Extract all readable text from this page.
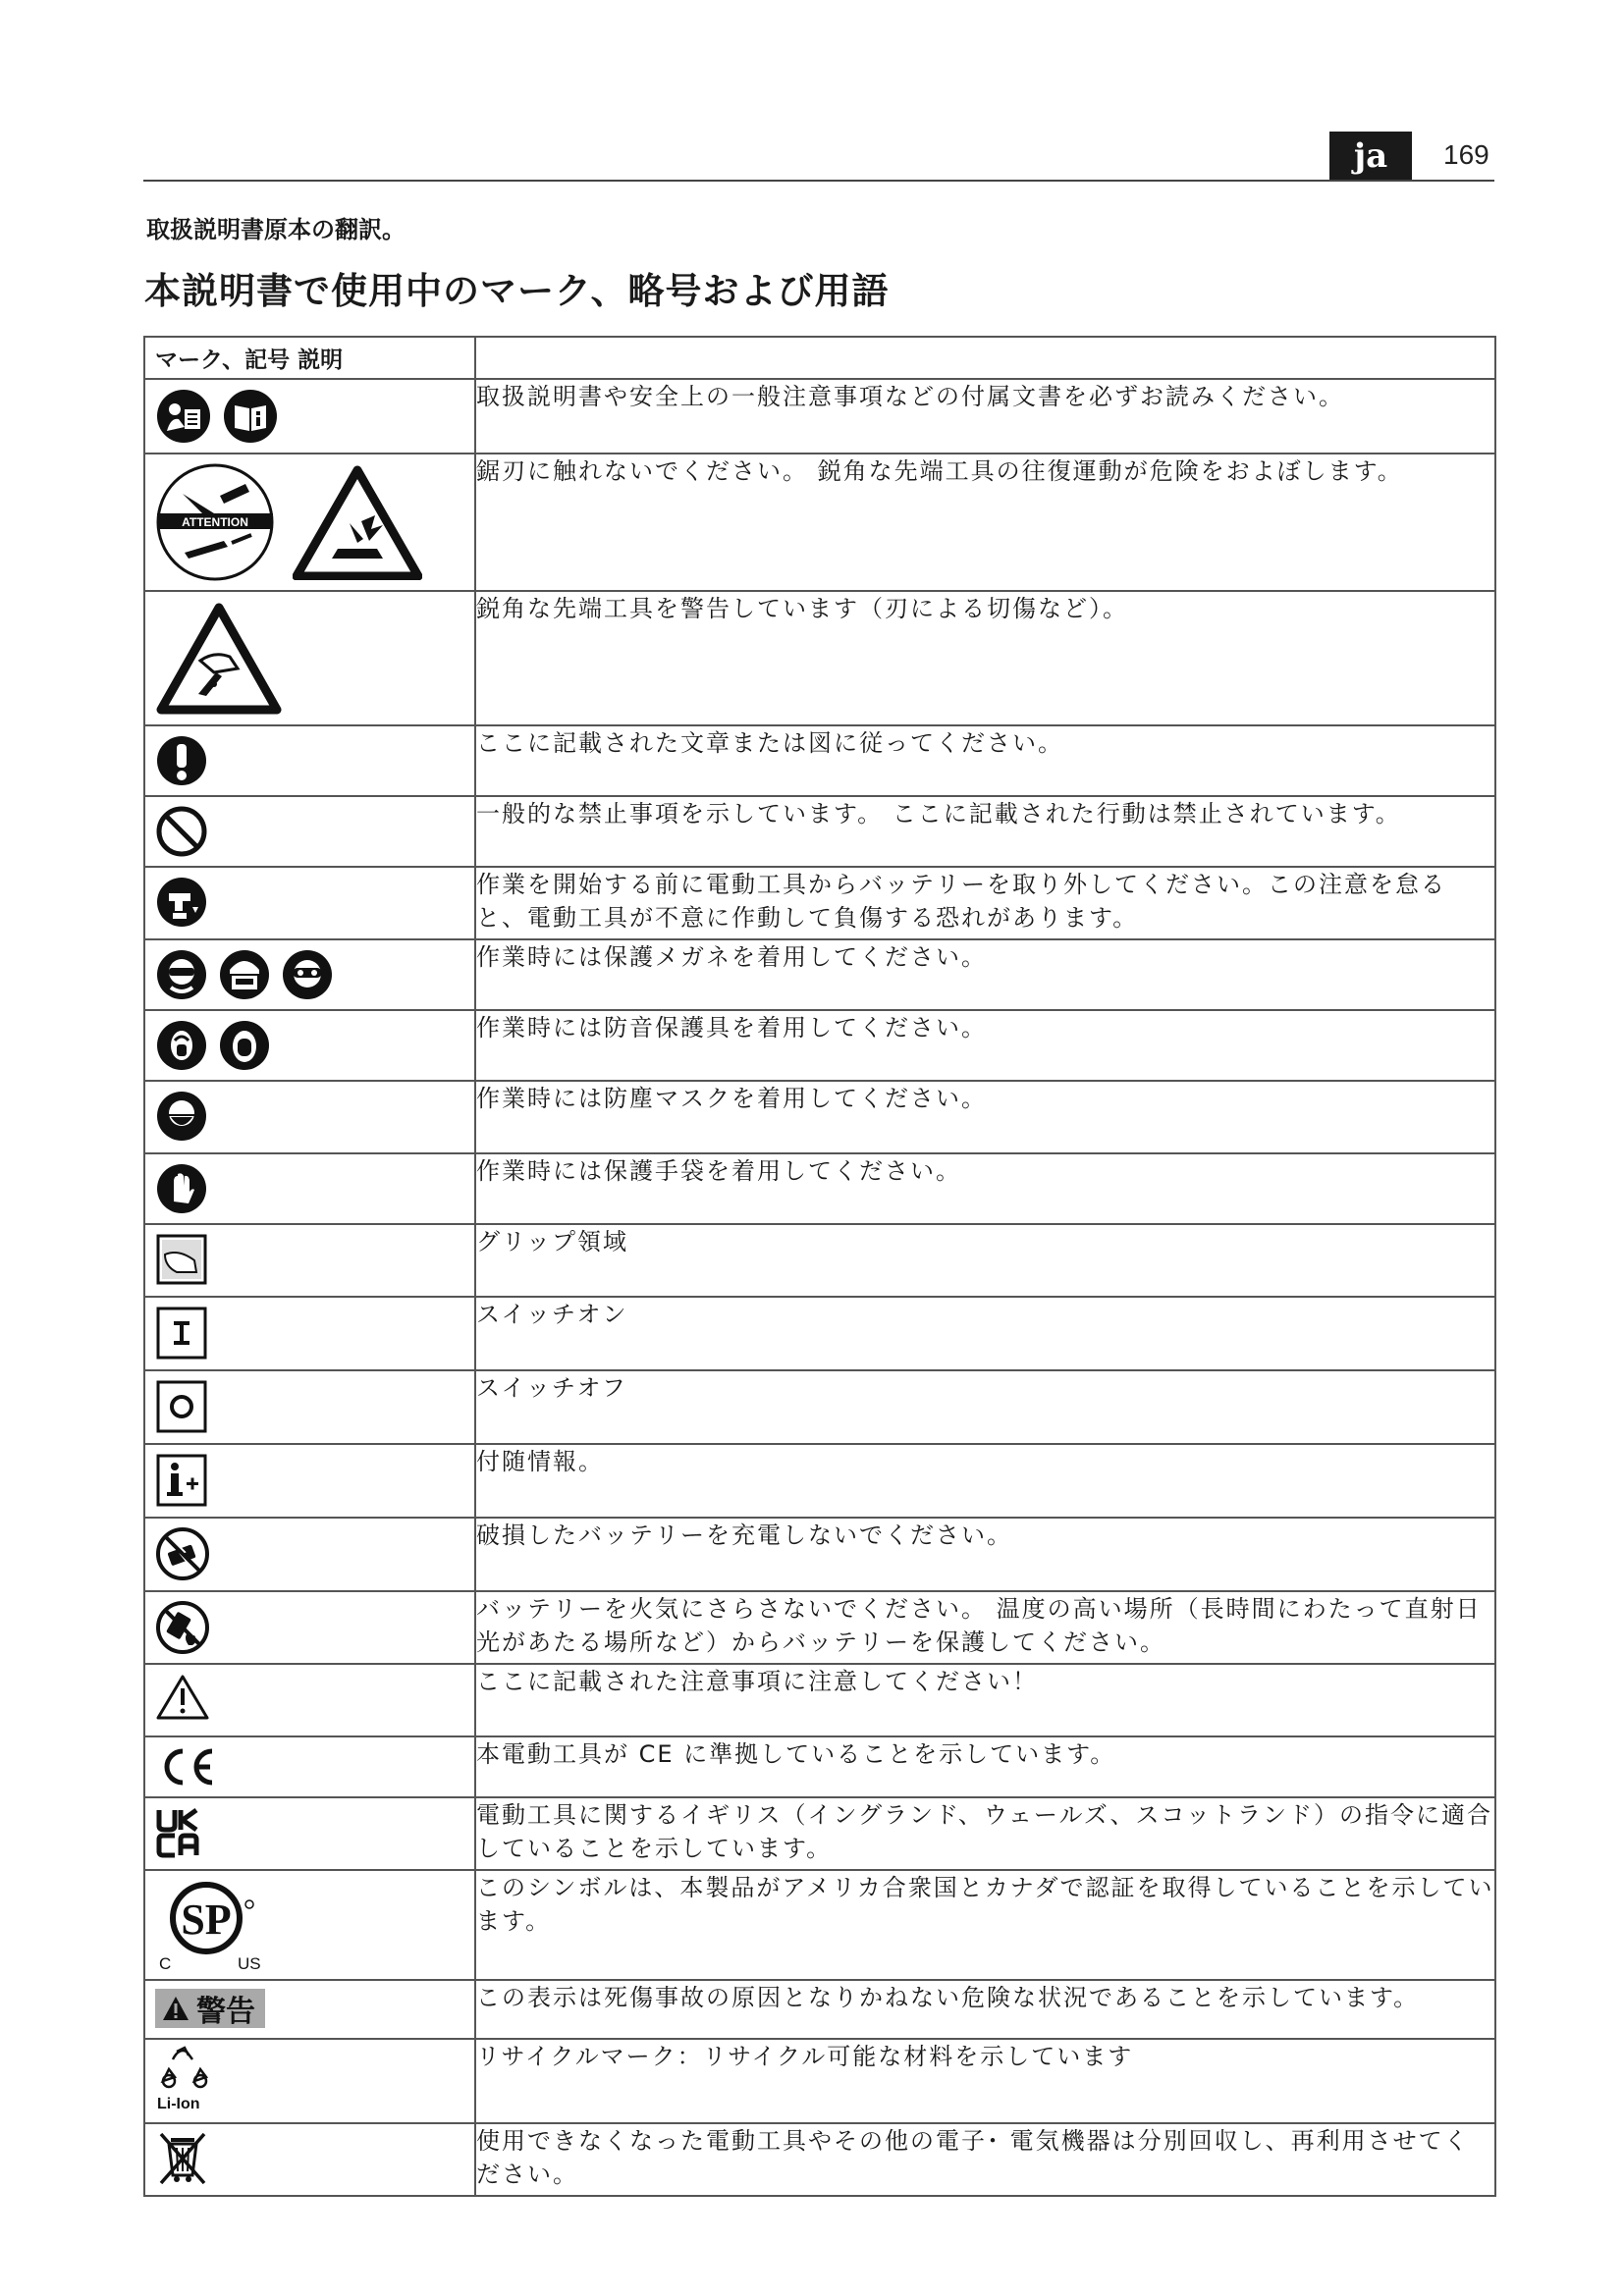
ja	169
取扱説明書原本の翻訳。
本説明書で使用中のマーク、略号および用語
マーク、記号 説明	

	取扱説明書や安全上の一般注意事項などの付属文書を必ずお読みください。

ATTENTION	鋸刃に触れないでください。 鋭角な先端工具の往復運動が危険をおよぼします。

	鋭角な先端工具を警告しています（刃による切傷など）。

	ここに記載された文章または図に従ってください。

	一般的な禁止事項を示しています。 ここに記載された行動は禁止されています。

	作業を開始する前に電動工具からバッテリーを取り外してください。この注意を怠ると、電動工具が不意に作動して負傷する恐れがあります。

	作業時には保護メガネを着用してください。

	作業時には防音保護具を着用してください。

	作業時には防塵マスクを着用してください。

	作業時には保護手袋を着用してください。

	グリップ領域

	スイッチオン

	スイッチオフ

	付随情報。

	破損したバッテリーを充電しないでください。

	バッテリーを火気にさらさないでください。 温度の高い場所（長時間にわたって直射日光があたる場所など）からバッテリーを保護してください。

	ここに記載された注意事項に注意してください！

	本電動工具が CE に準拠していることを示しています。

	電動工具に関するイギリス（イングランド、ウェールズ、スコットランド）の指令に適合していることを示しています。

SP
C US	このシンボルは、本製品がアメリカ合衆国とカナダで認証を取得していることを示しています。

警告	この表示は死傷事故の原因となりかねない危険な状況であることを示しています。

Li-Ion	リサイクルマーク：リサイクル可能な材料を示しています

	使用できなくなった電動工具やその他の電子･ 電気機器は分別回収し、再利用させてください。
